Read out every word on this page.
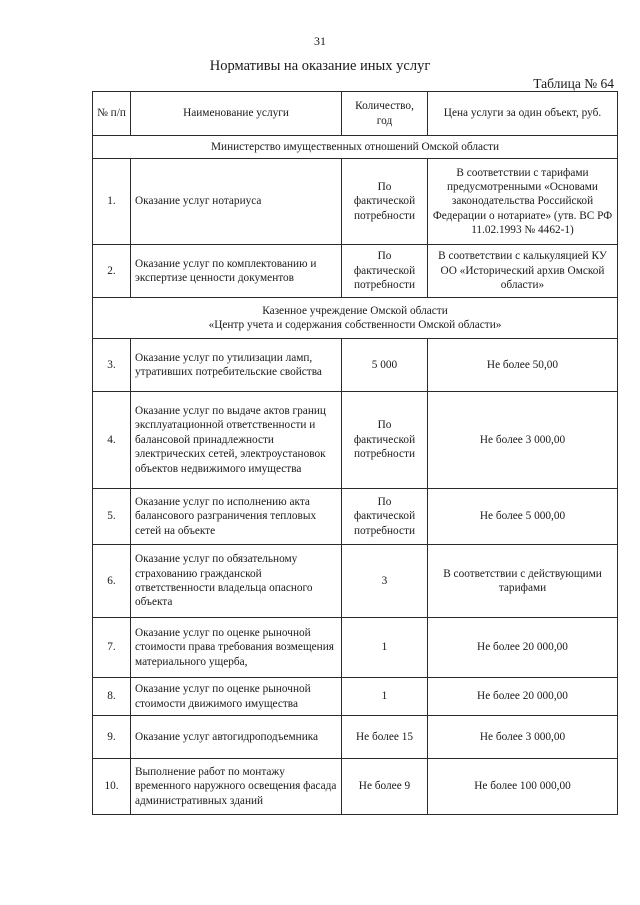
31
Нормативы на оказание иных услуг
Таблица № 64
№ п/п	Наименование услуги	Количество, год	Цена услуги за один объект, руб.
Министерство имущественных отношений Омской области			
1.	Оказание услуг нотариуса	По фактической потребности	В соответствии с тарифами предусмотренными «Основами законодательства Российской Федерации о нотариате» (утв. ВС РФ 11.02.1993 № 4462-1)
2.	Оказание услуг по комплектованию и экспертизе ценности документов	По фактической потребности	В соответствии с калькуляцией КУ ОО «Исторический архив Омской области»

Казенное учреждение Омской области
«Центр учета и содержания собственности Омской области»			

3.	Оказание услуг по утилизации ламп, утративших потребительские свойства	5 000	Не более 50,00
4.	Оказание услуг по выдаче актов границ эксплуатационной ответственности и балансовой принадлежности электрических сетей, электроустановок объектов недвижимого имущества	По фактической потребности	Не более 3 000,00
5.	Оказание услуг по исполнению акта балансового разграничения тепловых сетей на объекте	По фактической потребности	Не более 5 000,00
6.	Оказание услуг по обязательному страхованию гражданской ответственности владельца опасного объекта	3	В соответствии с действующими тарифами
7.	Оказание услуг по оценке рыночной стоимости права требования возмещения материального ущерба,	1	Не более 20 000,00
8.	Оказание услуг по оценке рыночной стоимости движимого имущества	1	Не более 20 000,00
9.	Оказание услуг автогидроподъемника	Не более 15	Не более 3 000,00
10.	Выполнение работ по монтажу временного наружного освещения фасада административных зданий	Не более 9	Не более 100 000,00
